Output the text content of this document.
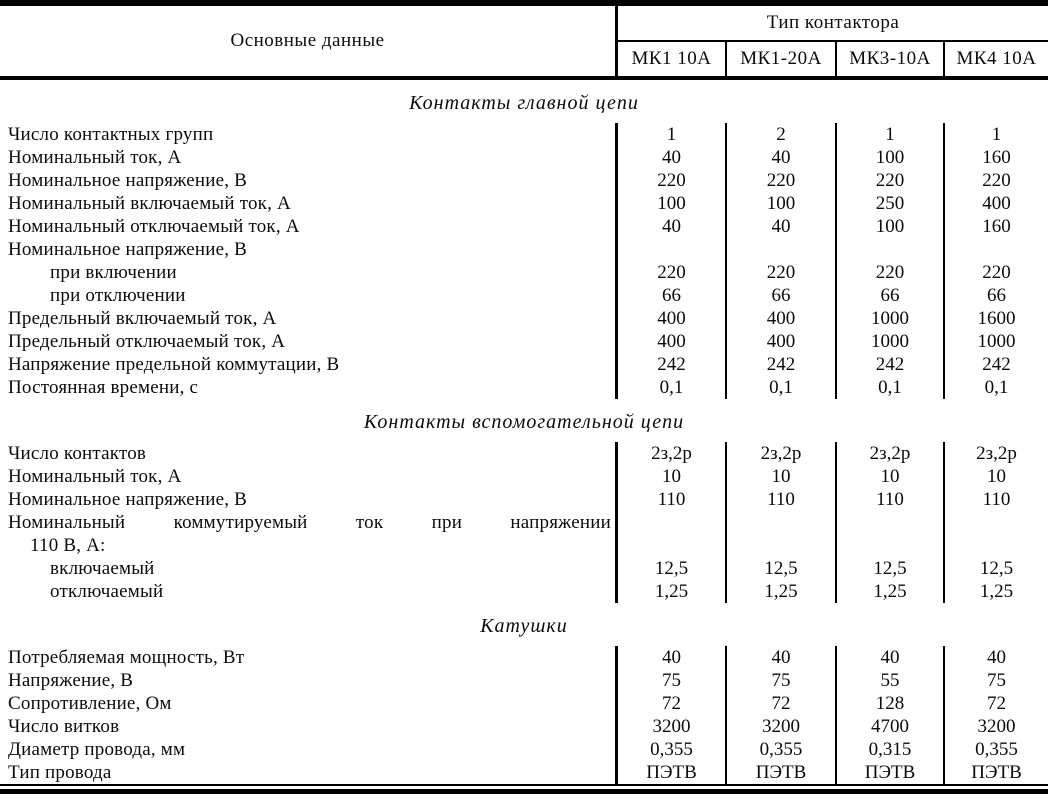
Основные данные
Тип контактора
МК1 10А	МК1-20А	МК3-10А	МК4 10А
Контакты главной цепи
Число контактных групп	1	2	1	1
Номинальный ток, А	40	40	100	160
Номинальное напряжение, В	220	220	220	220
Номинальный включаемый ток, А	100	100	250	400
Номинальный отключаемый ток, А	40	40	100	160
Номинальное напряжение, В
при включении	220	220	220	220
при отключении	66	66	66	66
Предельный включаемый ток, А	400	400	1000	1600
Предельный отключаемый ток, А	400	400	1000	1000
Напряжение предельной коммутации, В	242	242	242	242
Постоянная времени, с	0,1	0,1	0,1	0,1
Контакты вспомогательной цепи
Число контактов	2з,2р	2з,2р	2з,2р	2з,2р
Номинальный ток, А	10	10	10	10
Номинальное напряжение, В	110	110	110	110
Номинальный коммутируемый ток при напряжении
110 В, А:
включаемый	12,5	12,5	12,5	12,5
отключаемый	1,25	1,25	1,25	1,25
Катушки
Потребляемая мощность, Вт	40	40	40	40
Напряжение, В	75	75	55	75
Сопротивление, Ом	72	72	128	72
Число витков	3200	3200	4700	3200
Диаметр провода, мм	0,355	0,355	0,315	0,355
Тип провода	ПЭТВ	ПЭТВ	ПЭТВ	ПЭТВ
